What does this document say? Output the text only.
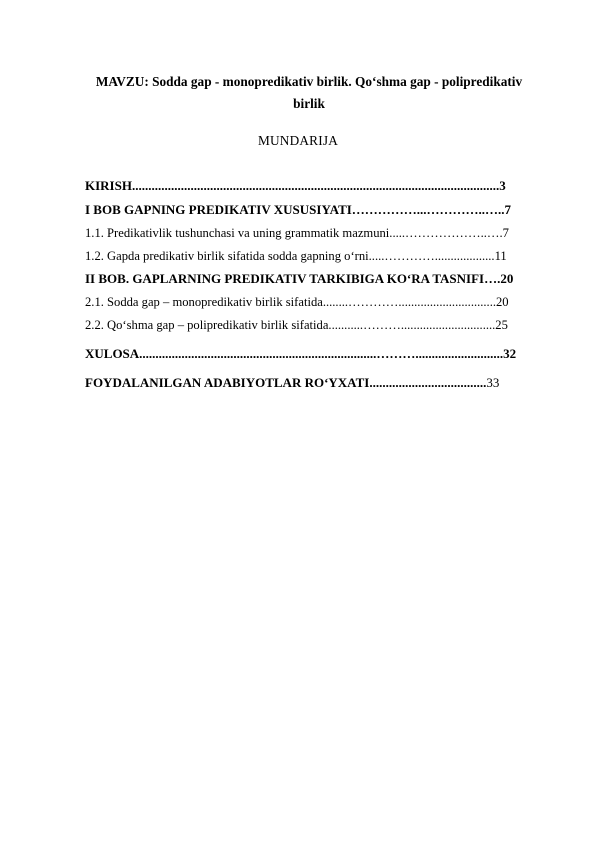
MAVZU: Sodda gap - monopredikativ birlik. Qo‘shma gap - polipredikativ
birlik
MUNDARIJA
KIRISH.................................................................................................................3
I BOB GAPNING PREDIKATIV XUSUSIYATI……………...…………..…..7
1.1. Predikativlik tushunchasi va uning grammatik mazmuni.....………………..….7
1.2. Gapda predikativ birlik sifatida sodda gapning o‘rni.....…………...................11
II BOB. GAPLARNING PREDIKATIV TARKIBIGA KO‘RA TASNIFI….20
2.1. Sodda gap – monopredikativ birlik sifatida........…………...............................20
2.2. Qo‘shma gap – polipredikativ birlik sifatida...........………..............................25
XULOSA.........................................................................………...........................32
FOYDALANILGAN ADABIYOTLAR RO‘YXATI....................................33
